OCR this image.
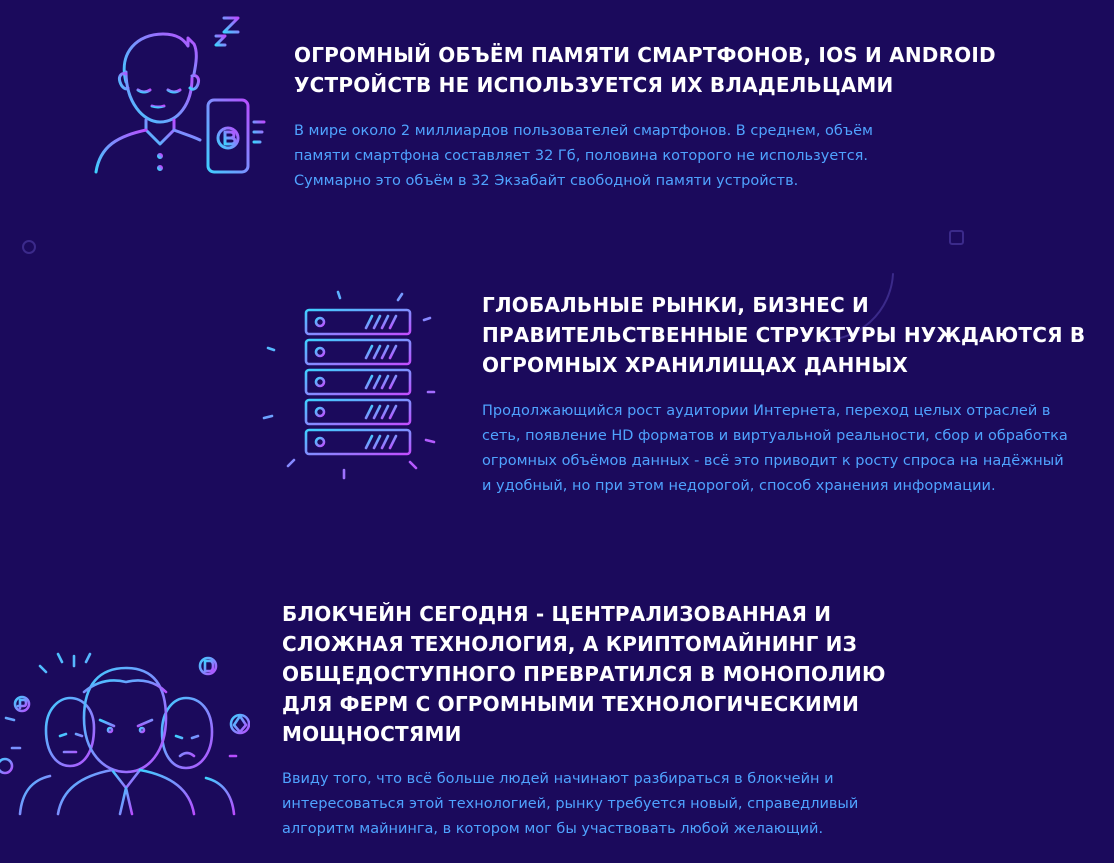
ОГРОМНЫЙ ОБЪЁМ ПАМЯТИ СМАРТФОНОВ, IOS И ANDROID
УСТРОЙСТВ НЕ ИСПОЛЬЗУЕТСЯ ИХ ВЛАДЕЛЬЦАМИ

В мире около 2 миллиардов пользователей смартфонов. В среднем, объём
памяти смартфона составляет 32 Гб, половина которого не используется.
Суммарно это объём в 32 Экзабайт свободной памяти устройств.

ГЛОБАЛЬНЫЕ РЫНКИ, БИЗНЕС И
ПРАВИТЕЛЬСТВЕННЫЕ СТРУКТУРЫ НУЖДАЮТСЯ В
ОГРОМНЫХ ХРАНИЛИЩАХ ДАННЫХ

Продолжающийся рост аудитории Интернета, переход целых отраслей в
сеть, появление HD форматов и виртуальной реальности, сбор и обработка
огромных объёмов данных - всё это приводит к росту спроса на надёжный
и удобный, но при этом недорогой, способ хранения информации.

БЛОКЧЕЙН СЕГОДНЯ - ЦЕНТРАЛИЗОВАННАЯ И
СЛОЖНАЯ ТЕХНОЛОГИЯ, А КРИПТОМАЙНИНГ ИЗ
ОБЩЕДОСТУПНОГО ПРЕВРАТИЛСЯ В МОНОПОЛИЮ
ДЛЯ ФЕРМ С ОГРОМНЫМИ ТЕХНОЛОГИЧЕСКИМИ
МОЩНОСТЯМИ

Ввиду того, что всё больше людей начинают разбираться в блокчейн и
интересоваться этой технологией, рынку требуется новый, справедливый
алгоритм майнинга, в котором мог бы участвовать любой желающий.
